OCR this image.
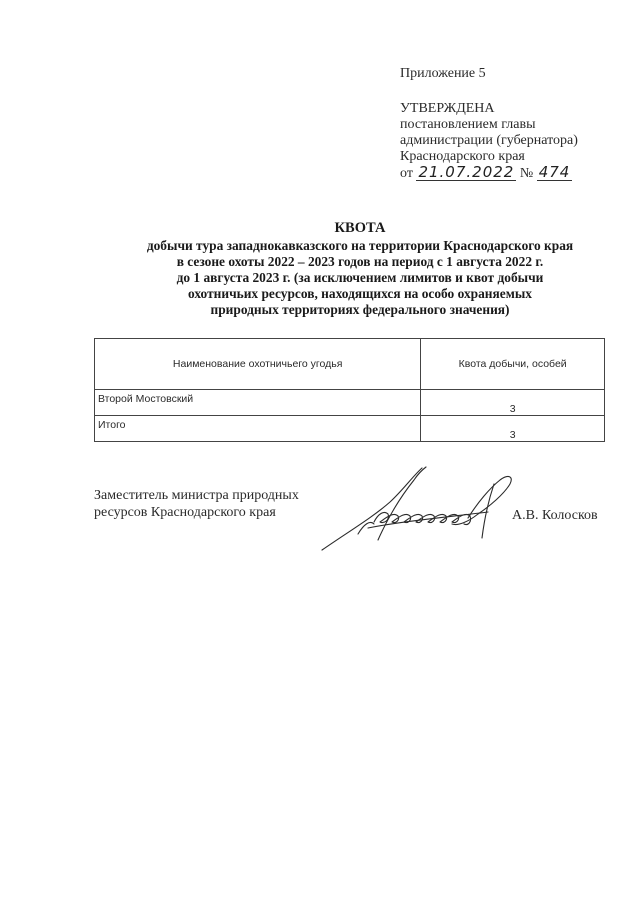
Приложение 5
УТВЕРЖДЕНА
постановлением главы
администрации (губернатора)
Краснодарского края
от 21.07.2022 № 474
КВОТА
добычи тура западнокавказского на территории Краснодарского края
в сезоне охоты 2022 – 2023 годов на период с 1 августа 2022 г.
до 1 августа 2023 г. (за исключением лимитов и квот добычи
охотничьих ресурсов, находящихся на особо охраняемых
природных территориях федерального значения)
Наименование охотничьего угодья	Квота добычи, особей
Второй Мостовский	3
Итого	3
Заместитель министра природных
ресурсов Краснодарского края	А.В. Колосков
